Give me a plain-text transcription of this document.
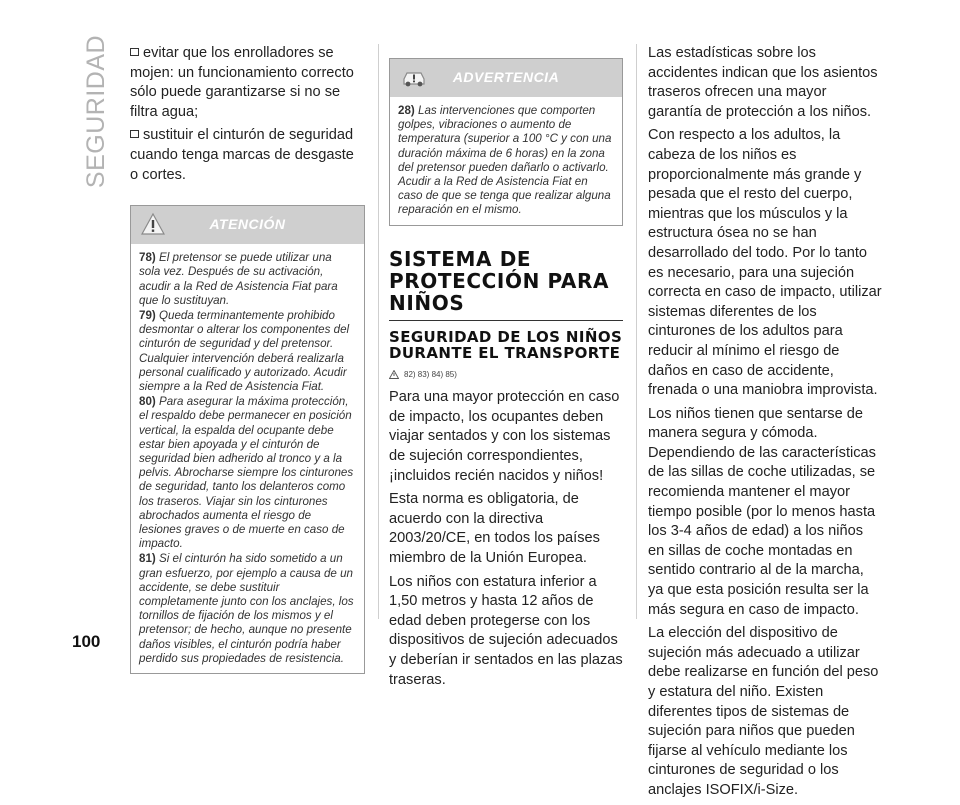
SEGURIDAD	evitar que los enrolladores se mojen: un funcionamiento correcto sólo puede garantizarse si no se filtra agua;

sustituir el cinturón de seguridad cuando tenga marcas de desgaste o cortes.

ATENCIÓN
78) El pretensor se puede utilizar una sola vez. Después de su activación, acudir a la Red de Asistencia Fiat para que lo sustituyan.
79) Queda terminantemente prohibido desmontar o alterar los componentes del cinturón de seguridad y del pretensor. Cualquier intervención deberá realizarla personal cualificado y autorizado. Acudir siempre a la Red de Asistencia Fiat.
80) Para asegurar la máxima protección, el respaldo debe permanecer en posición vertical, la espalda del ocupante debe estar bien apoyada y el cinturón de seguridad bien adherido al tronco y a la pelvis. Abrocharse siempre los cinturones de seguridad, tanto los delanteros como los traseros. Viajar sin los cinturones abrochados aumenta el riesgo de lesiones graves o de muerte en caso de impacto.
81) Si el cinturón ha sido sometido a un gran esfuerzo, por ejemplo a causa de un accidente, se debe sustituir completamente junto con los anclajes, los tornillos de fijación de los mismos y el pretensor; de hecho, aunque no presente daños visibles, el cinturón podría haber perdido sus propiedades de resistencia.
ADVERTENCIA
28) Las intervenciones que comporten golpes, vibraciones o aumento de temperatura (superior a 100 °C y con una duración máxima de 6 horas) en la zona del pretensor pueden dañarlo o activarlo. Acudir a la Red de Asistencia Fiat en caso de que se tenga que realizar alguna reparación en el mismo.
SISTEMA DE PROTECCIÓN PARA NIÑOS
SEGURIDAD DE LOS NIÑOS DURANTE EL TRANSPORTE
82) 83) 84) 85)

Para una mayor protección en caso de impacto, los ocupantes deben viajar sentados y con los sistemas de sujeción correspondientes, ¡incluidos recién nacidos y niños!

Esta norma es obligatoria, de acuerdo con la directiva 2003/20/CE, en todos los países miembro de la Unión Europea.

Los niños con estatura inferior a 1,50 metros y hasta 12 años de edad deben protegerse con los dispositivos de sujeción adecuados y deberían ir sentados en las plazas traseras.

Las estadísticas sobre los accidentes indican que los asientos traseros ofrecen una mayor garantía de protección a los niños.

Con respecto a los adultos, la cabeza de los niños es proporcionalmente más grande y pesada que el resto del cuerpo, mientras que los músculos y la estructura ósea no se han desarrollado del todo. Por lo tanto es necesario, para una sujeción correcta en caso de impacto, utilizar sistemas diferentes de los cinturones de los adultos para reducir al mínimo el riesgo de daños en caso de accidente, frenada o una maniobra improvista.

Los niños tienen que sentarse de manera segura y cómoda. Dependiendo de las características de las sillas de coche utilizadas, se recomienda mantener el mayor tiempo posible (por lo menos hasta los 3-4 años de edad) a los niños en sillas de coche montadas en sentido contrario al de la marcha, ya que esta posición resulta ser la más segura en caso de impacto.

La elección del dispositivo de sujeción más adecuado a utilizar debe realizarse en función del peso y estatura del niño. Existen diferentes tipos de sistemas de sujeción para niños que pueden fijarse al vehículo mediante los cinturones de seguridad o los anclajes ISOFIX/i-Size.

100
